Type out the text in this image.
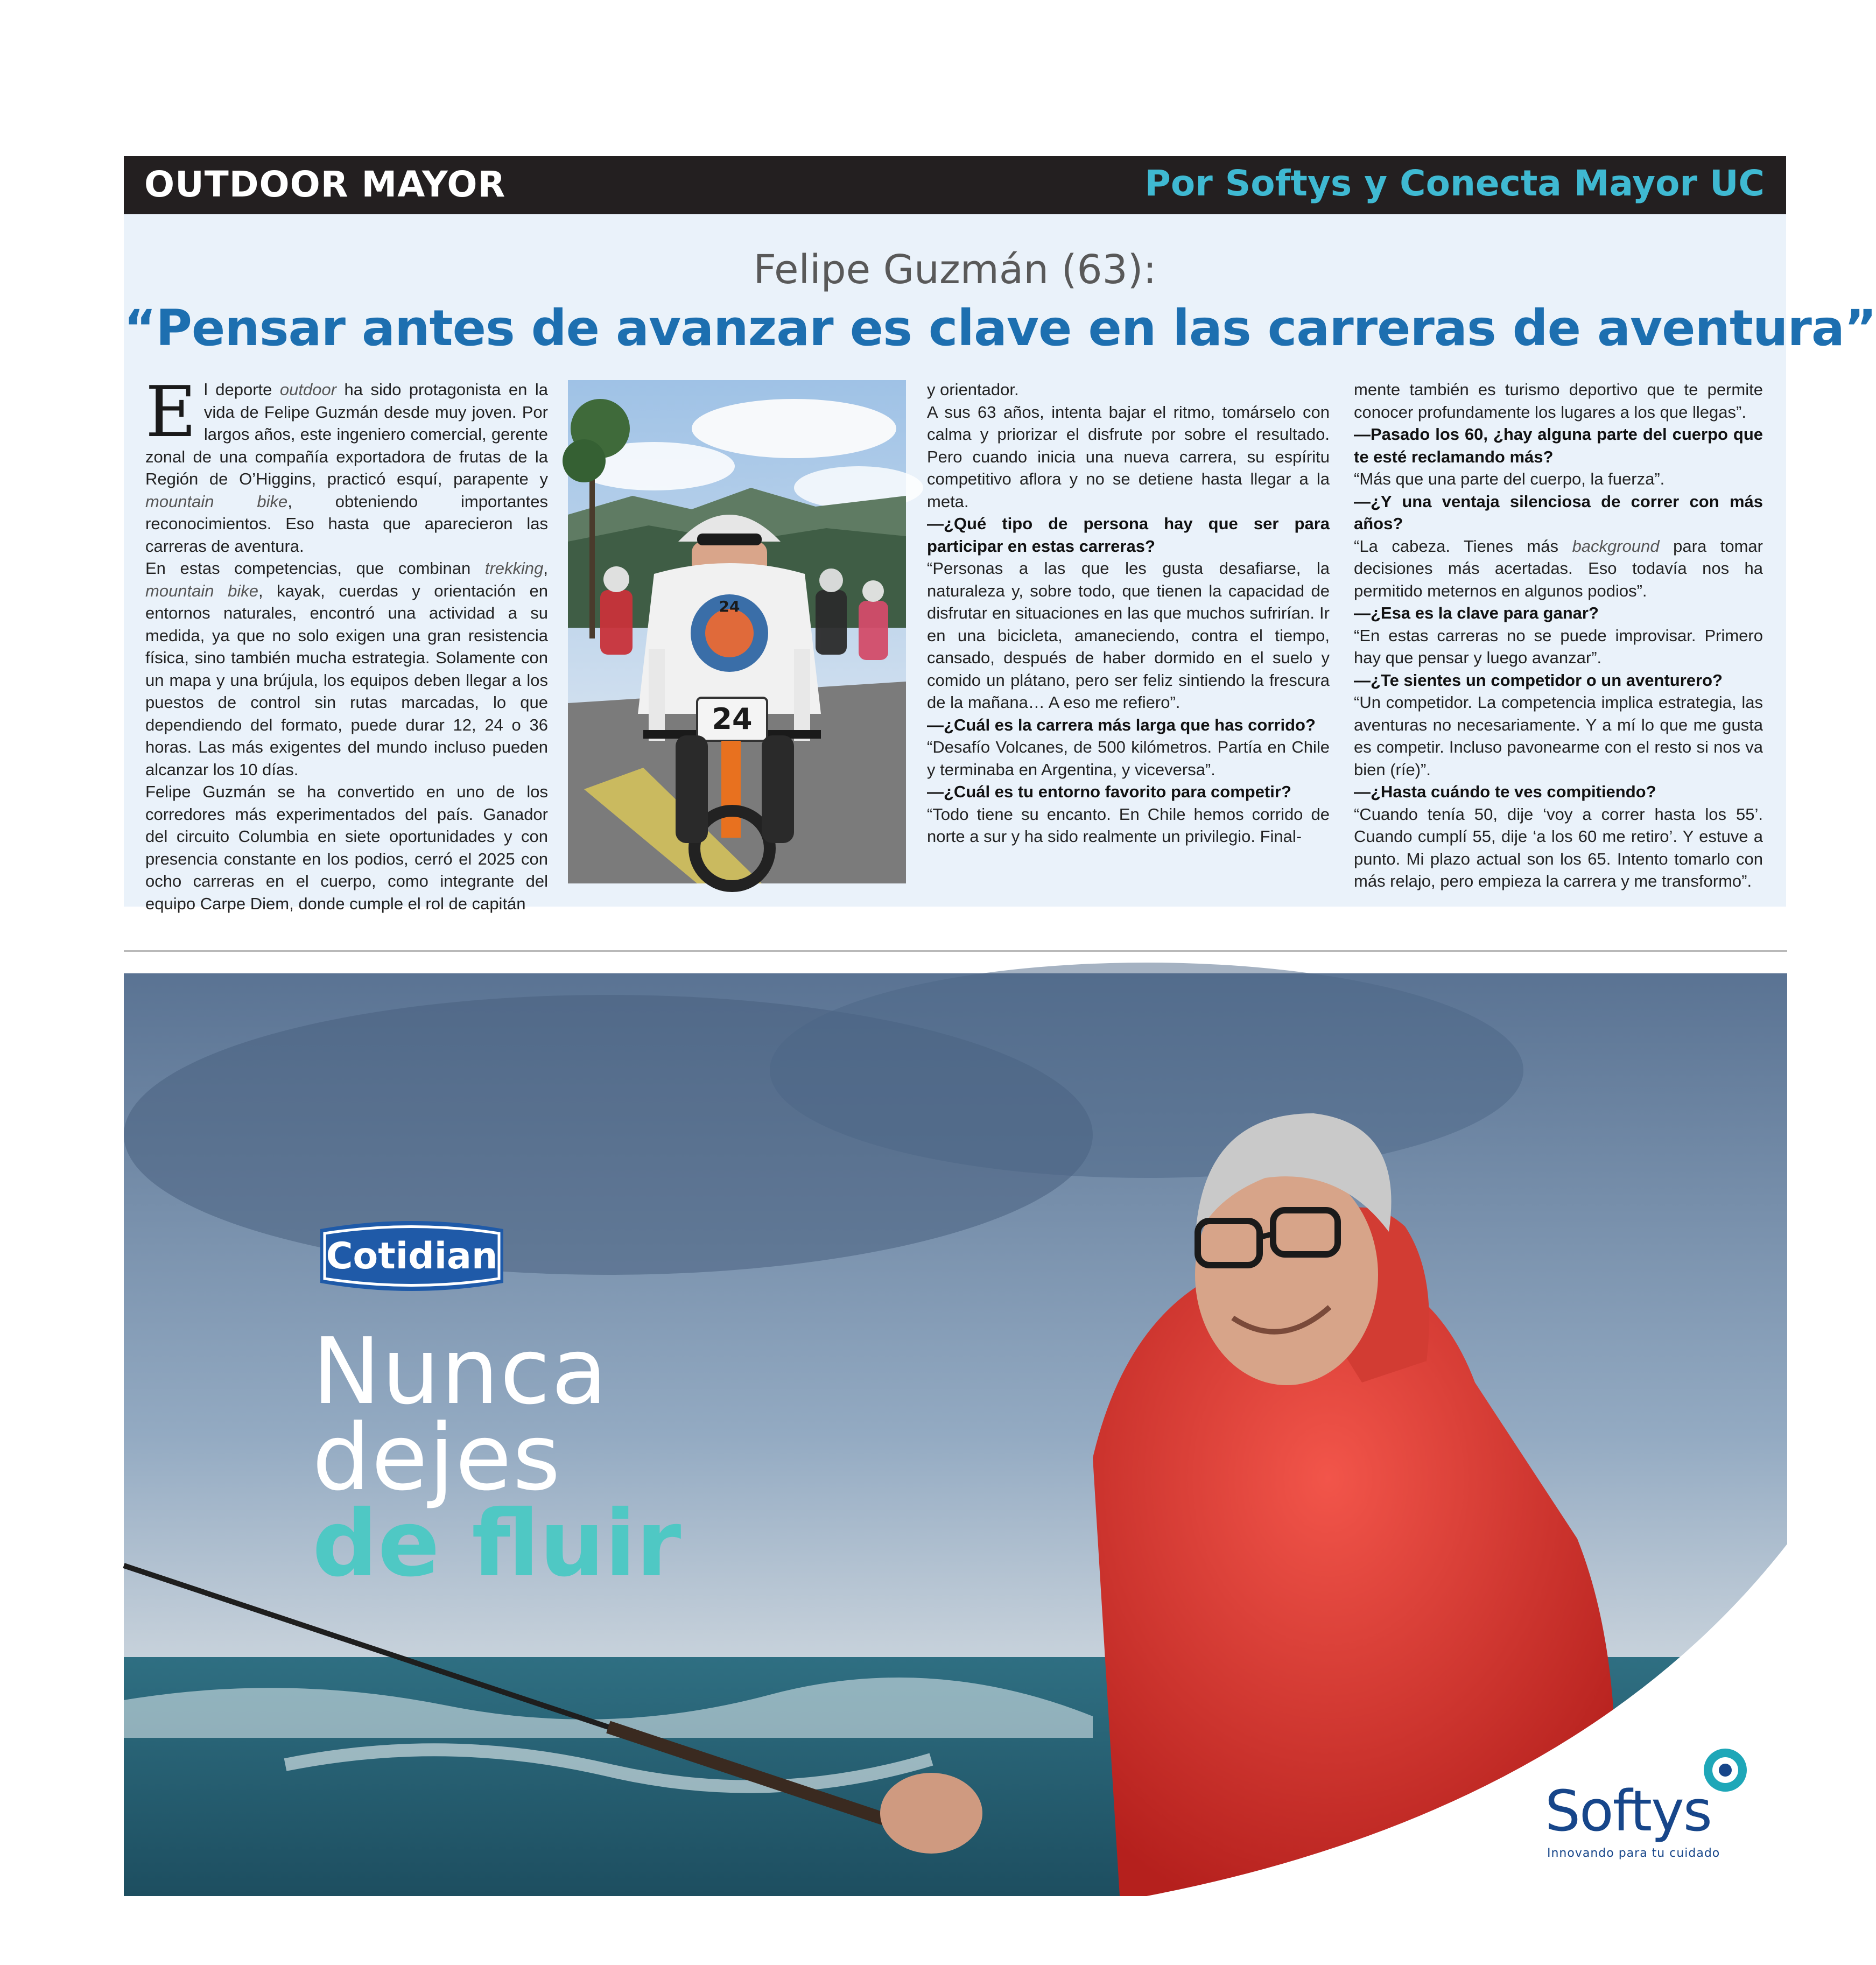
OUTDOOR MAYOR	Por Softys y Conecta Mayor UC
Felipe Guzmán (63):
“Pensar antes de avanzar es clave en las carreras de aventura”

El deporte outdoor ha sido protagonista en la vida de Felipe Guzmán desde muy joven. Por largos años, este ingeniero comercial, gerente zonal de una compañía exportadora de frutas de la Región de O’Higgins, practicó esquí, parapente y mountain bike, obteniendo importantes reconocimientos. Eso hasta que aparecieron las carreras de aventura.

En estas competencias, que combinan trekking, mountain bike, kayak, cuerdas y orientación en entornos naturales, encontró una actividad a su medida, ya que no solo exigen una gran resistencia física, sino también mucha estrategia. Solamente con un mapa y una brújula, los equipos deben llegar a los puestos de control sin rutas marcadas, lo que dependiendo del formato, puede durar 12, 24 o 36 horas. Las más exigentes del mundo incluso pueden alcanzar los 10 días.

Felipe Guzmán se ha convertido en uno de los corredores más experimentados del país. Ganador del circuito Columbia en siete oportunidades y con presencia constante en los podios, cerró el 2025 con ocho carreras en el cuerpo, como integrante del equipo Carpe Diem, donde cumple el rol de capitán

24
24

y orientador.

A sus 63 años, intenta bajar el ritmo, tomárselo con calma y priorizar el disfrute por sobre el resultado. Pero cuando inicia una nueva carrera, su espíritu competitivo aflora y no se detiene hasta llegar a la meta.

—¿Qué tipo de persona hay que ser para participar en estas carreras?

“Personas a las que les gusta desafiarse, la naturaleza y, sobre todo, que tienen la capacidad de disfrutar en situaciones en las que muchos sufrirían. Ir en una bicicleta, amaneciendo, contra el tiempo, cansado, después de haber dormido en el suelo y comido un plátano, pero ser feliz sintiendo la frescura de la mañana… A eso me refiero”.

—¿Cuál es la carrera más larga que has corrido?

“Desafío Volcanes, de 500 kilómetros. Partía en Chile y terminaba en Argentina, y viceversa”.

—¿Cuál es tu entorno favorito para competir?

“Todo tiene su encanto. En Chile hemos corrido de norte a sur y ha sido realmente un privilegio. Final-

mente también es turismo deportivo que te permite conocer profundamente los lugares a los que llegas”.

—Pasado los 60, ¿hay alguna parte del cuerpo que te esté reclamando más?

“Más que una parte del cuerpo, la fuerza”.

—¿Y una ventaja silenciosa de correr con más años?

“La cabeza. Tienes más background para tomar decisiones más acertadas. Eso todavía nos ha permitido meternos en algunos podios”.

—¿Esa es la clave para ganar?

“En estas carreras no se puede improvisar. Primero hay que pensar y luego avanzar”.

—¿Te sientes un competidor o un aventurero?

“Un competidor. La competencia implica estrategia, las aventuras no necesariamente. Y a mí lo que me gusta es competir. Incluso pavonearme con el resto si nos va bien (ríe)”.

—¿Hasta cuándo te ves compitiendo?

“Cuando tenía 50, dije ‘voy a correr hasta los 55’. Cuando cumplí 55, dije ‘a los 60 me retiro’. Y estuve a punto. Mi plazo actual son los 65. Intento tomarlo con más relajo, pero empieza la carrera y me transformo”.

Cotidian
Nunca
dejes
de fluir
Softys
Innovando para tu cuidado
